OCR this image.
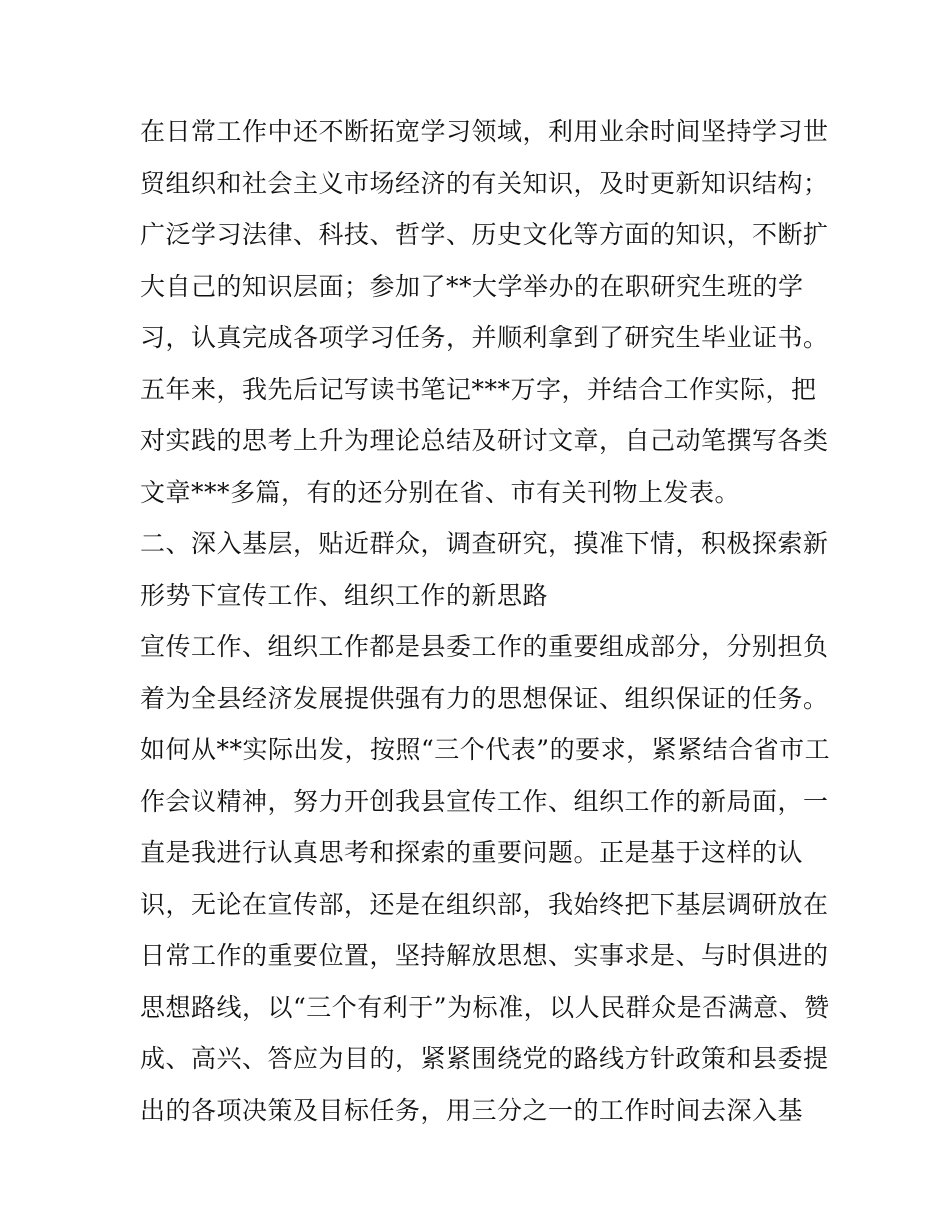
在日常工作中还不断拓宽学习领域，利用业余时间坚持学习世
贸组织和社会主义市场经济的有关知识，及时更新知识结构；
广泛学习法律、科技、哲学、历史文化等方面的知识，不断扩
大自己的知识层面；参加了**大学举办的在职研究生班的学
习，认真完成各项学习任务，并顺利拿到了研究生毕业证书。
五年来，我先后记写读书笔记***万字，并结合工作实际，把
对实践的思考上升为理论总结及研讨文章，自己动笔撰写各类
文章***多篇，有的还分别在省、市有关刊物上发表。
二、深入基层，贴近群众，调查研究，摸准下情，积极探索新
形势下宣传工作、组织工作的新思路
宣传工作、组织工作都是县委工作的重要组成部分，分别担负
着为全县经济发展提供强有力的思想保证、组织保证的任务。
如何从**实际出发，按照“三个代表”的要求，紧紧结合省市工
作会议精神，努力开创我县宣传工作、组织工作的新局面，一
直是我进行认真思考和探索的重要问题。正是基于这样的认
识，无论在宣传部，还是在组织部，我始终把下基层调研放在
日常工作的重要位置，坚持解放思想、实事求是、与时俱进的
思想路线，以“三个有利于”为标准，以人民群众是否满意、赞
成、高兴、答应为目的，紧紧围绕党的路线方针政策和县委提
出的各项决策及目标任务，用三分之一的工作时间去深入基
